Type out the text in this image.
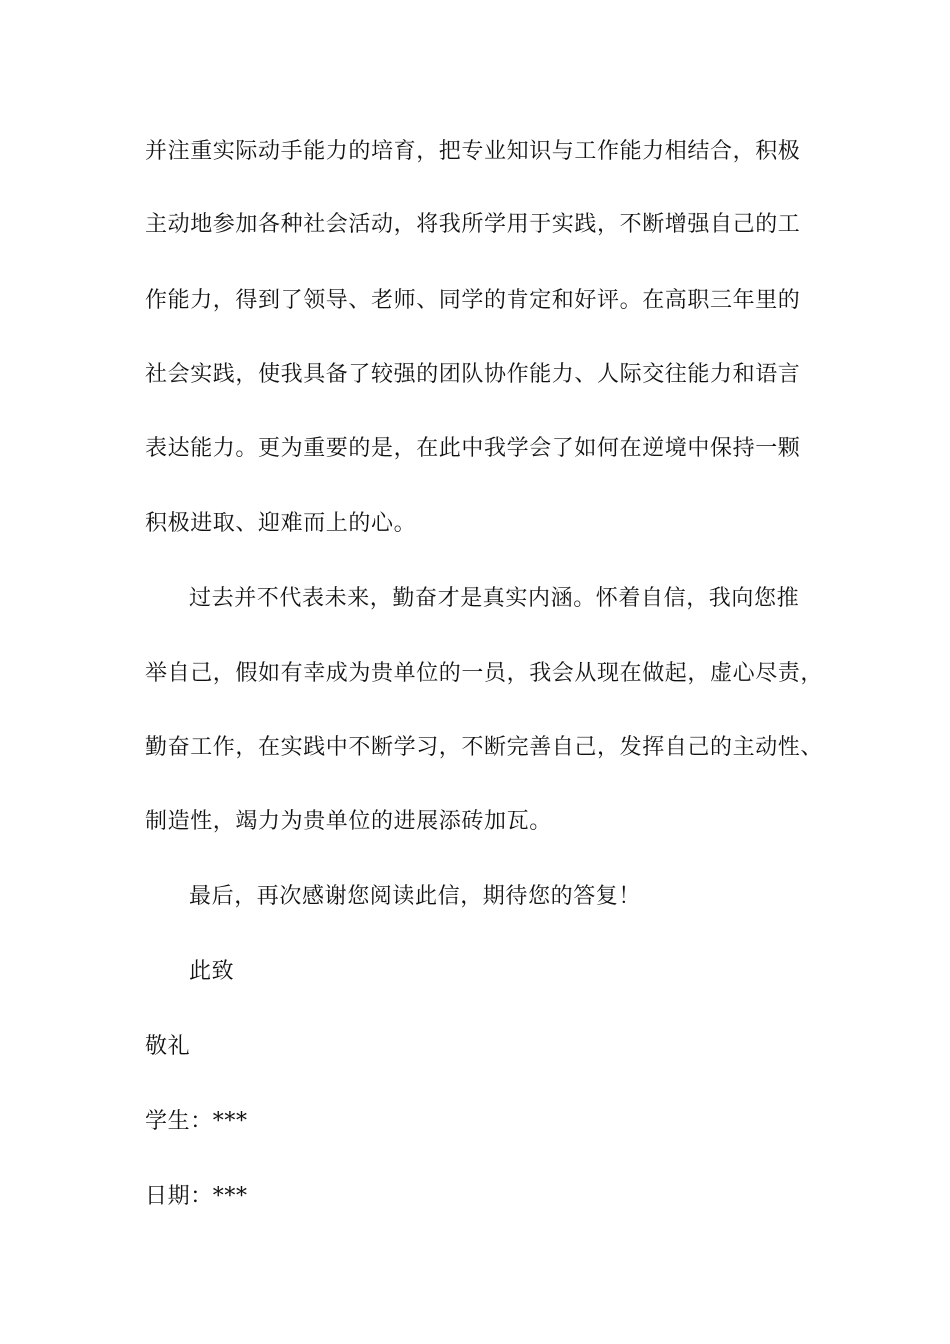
并注重实际动手能力的培育，把专业知识与工作能力相结合，积极
主动地参加各种社会活动，将我所学用于实践，不断增强自己的工
作能力，得到了领导、老师、同学的肯定和好评。在高职三年里的
社会实践，使我具备了较强的团队协作能力、人际交往能力和语言
表达能力。更为重要的是，在此中我学会了如何在逆境中保持一颗
积极进取、迎难而上的心。
过去并不代表未来，勤奋才是真实内涵。怀着自信，我向您推
举自己，假如有幸成为贵单位的一员，我会从现在做起，虚心尽责，
勤奋工作，在实践中不断学习，不断完善自己，发挥自己的主动性、
制造性，竭力为贵单位的进展添砖加瓦。
最后，再次感谢您阅读此信，期待您的答复！
此致
敬礼
学生：***
日期：***
